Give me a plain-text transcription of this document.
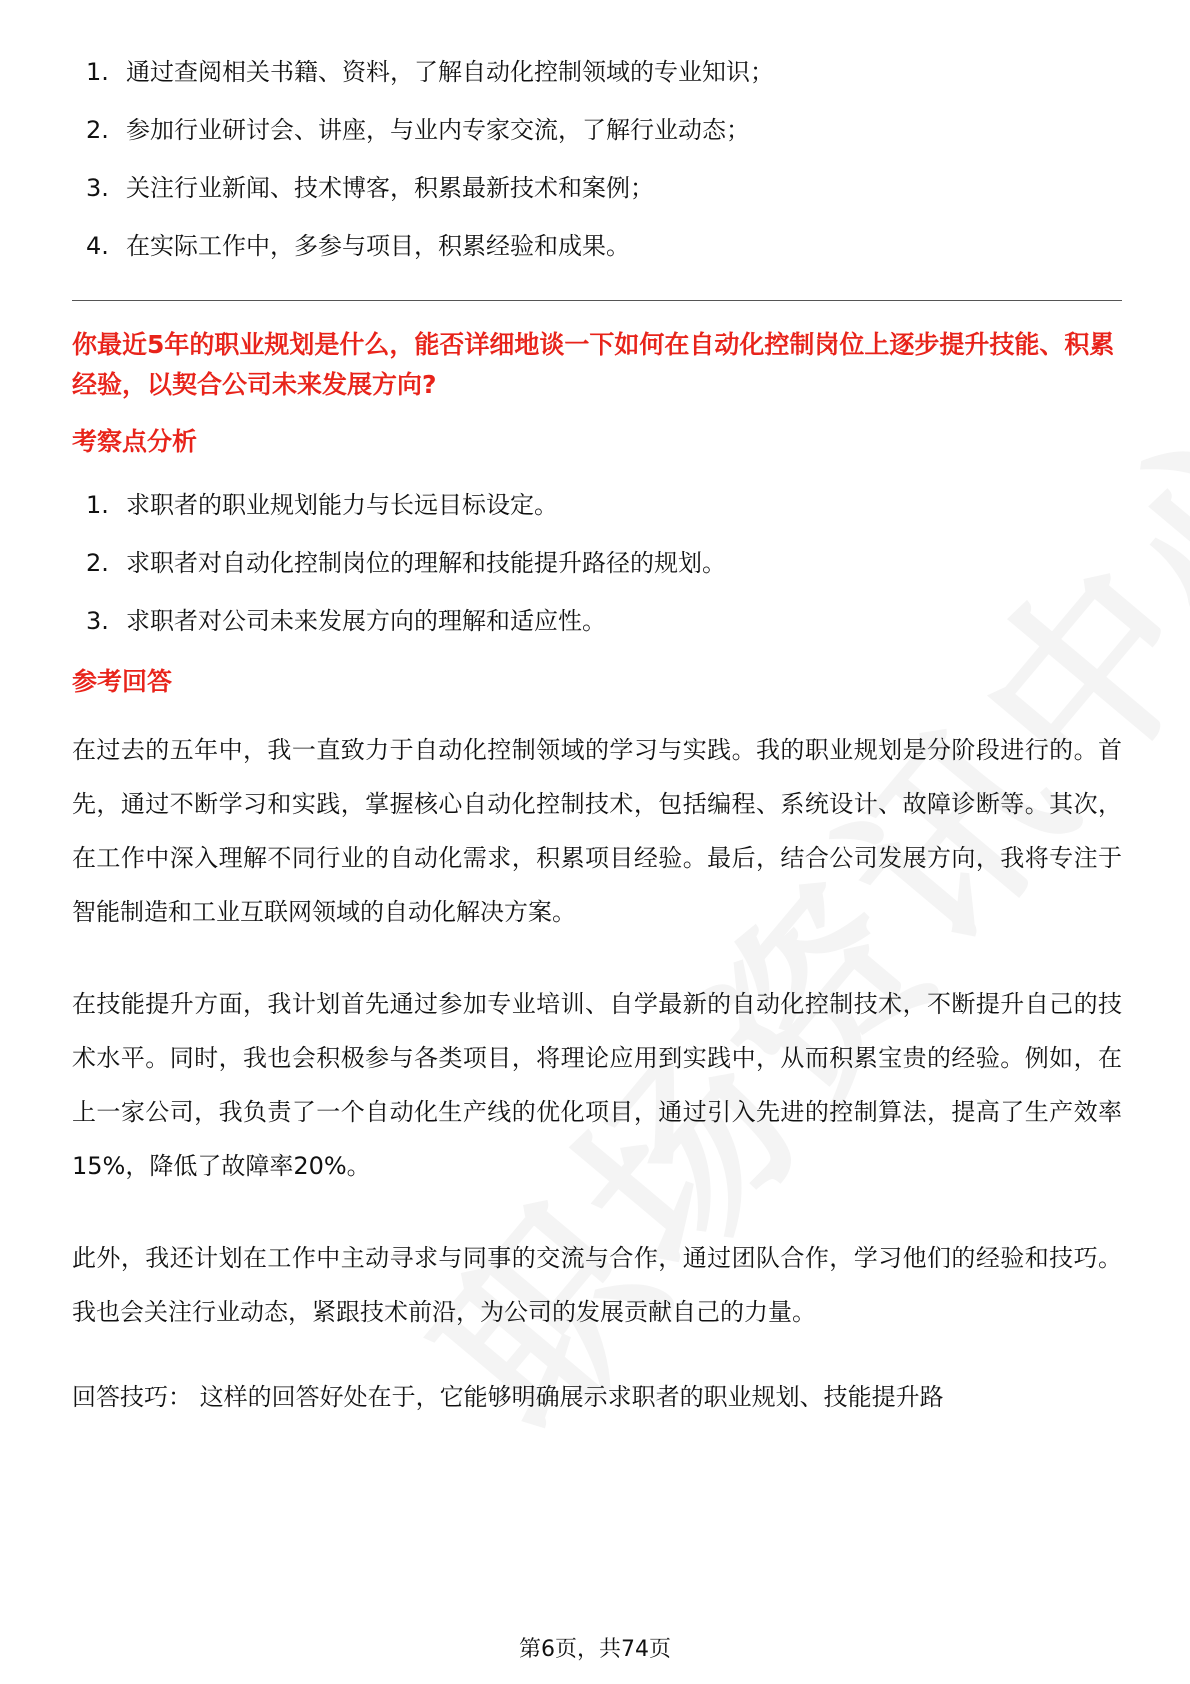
1. 通过查阅相关书籍、资料，了解自动化控制领域的专业知识；
2. 参加行业研讨会、讲座，与业内专家交流，了解行业动态；
3. 关注行业新闻、技术博客，积累最新技术和案例；
4. 在实际工作中，多参与项目，积累经验和成果。

你最近5年的职业规划是什么，能否详细地谈一下如何在自动化控制岗位上逐步提升技能、积累经验，以契合公司未来发展方向?

考察点分析
1. 求职者的职业规划能力与长远目标设定。
2. 求职者对自动化控制岗位的理解和技能提升路径的规划。
3. 求职者对公司未来发展方向的理解和适应性。
参考回答

在过去的五年中，我一直致力于自动化控制领域的学习与实践。我的职业规划是分阶段进行的。首先，通过不断学习和实践，掌握核心自动化控制技术，包括编程、系统设计、故障诊断等。其次，在工作中深入理解不同行业的自动化需求，积累项目经验。最后，结合公司发展方向，我将专注于智能制造和工业互联网领域的自动化解决方案。

在技能提升方面，我计划首先通过参加专业培训、自学最新的自动化控制技术，不断提升自己的技术水平。同时，我也会积极参与各类项目，将理论应用到实践中，从而积累宝贵的经验。例如，在上一家公司，我负责了一个自动化生产线的优化项目，通过引入先进的控制算法，提高了生产效率15%，降低了故障率20%。

此外，我还计划在工作中主动寻求与同事的交流与合作，通过团队合作，学习他们的经验和技巧。我也会关注行业动态，紧跟技术前沿，为公司的发展贡献自己的力量。

回答技巧： 这样的回答好处在于，它能够明确展示求职者的职业规划、技能提升路

第6页，共74页
